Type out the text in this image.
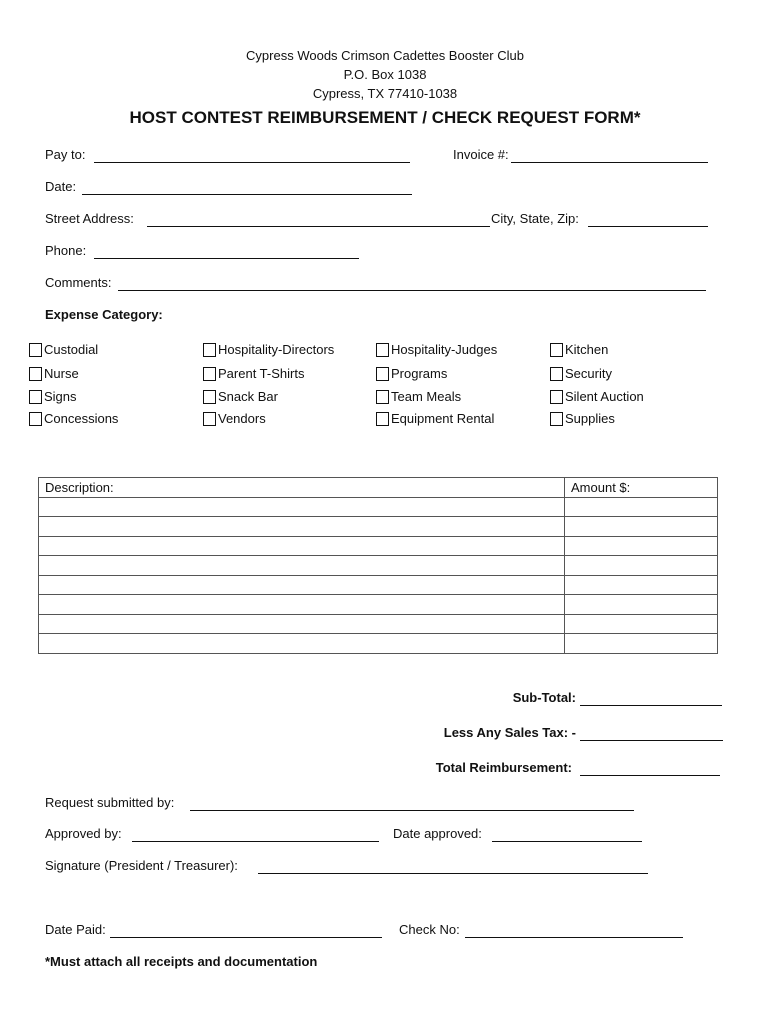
Cypress Woods Crimson Cadettes Booster Club
P.O. Box 1038
Cypress, TX 77410-1038
HOST CONTEST REIMBURSEMENT / CHECK REQUEST FORM*
Pay to:	Invoice #:
Date:
Street Address:	City, State, Zip:
Phone:
Comments:
Expense Category:
Custodial
Nurse
Signs
Concessions
Hospitality-Directors
Parent T-Shirts
Snack Bar
Vendors
Hospitality-Judges
Programs
Team Meals
Equipment Rental
Kitchen
Security
Silent Auction
Supplies
Description:	Amount $:

Sub-Total:
Less Any Sales Tax: -
Total Reimbursement:
Request submitted by:
Approved by:	Date approved:
Signature (President / Treasurer):
Date Paid:	Check No:
*Must attach all receipts and documentation
